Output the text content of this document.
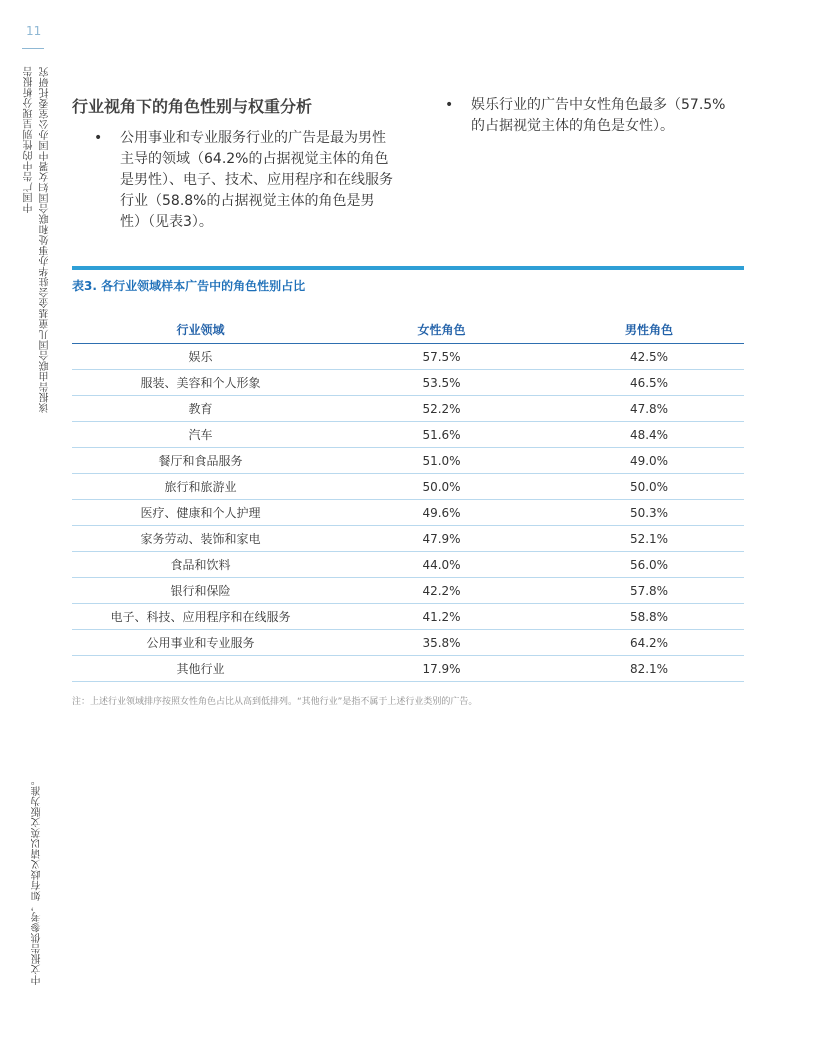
11
中国广告中的性别呈现分析报告 该报告由联合国儿童基金会驻华办事处和联合国妇女署中国办公室委托研究
中文报告供参考，如有歧义请以英文版为准。
行业视角下的角色性别与权重分析
• 公用事业和专业服务行业的广告是最为男性主导的领域（64.2%的占据视觉主体的角色是男性）、电子、技术、应用程序和在线服务行业（58.8%的占据视觉主体的角色是男性）（见表3）。
• 娱乐行业的广告中女性角色最多（57.5%的占据视觉主体的角色是女性）。
表3. 各行业领域样本广告中的角色性别占比
行业领域	女性角色	男性角色
娱乐	57.5%	42.5%
服装、美容和个人形象	53.5%	46.5%
教育	52.2%	47.8%
汽车	51.6%	48.4%
餐厅和食品服务	51.0%	49.0%
旅行和旅游业	50.0%	50.0%
医疗、健康和个人护理	49.6%	50.3%
家务劳动、装饰和家电	47.9%	52.1%
食品和饮料	44.0%	56.0%
银行和保险	42.2%	57.8%
电子、科技、应用程序和在线服务	41.2%	58.8%
公用事业和专业服务	35.8%	64.2%
其他行业	17.9%	82.1%
注：上述行业领域排序按照女性角色占比从高到低排列。“其他行业”是指不属于上述行业类别的广告。
